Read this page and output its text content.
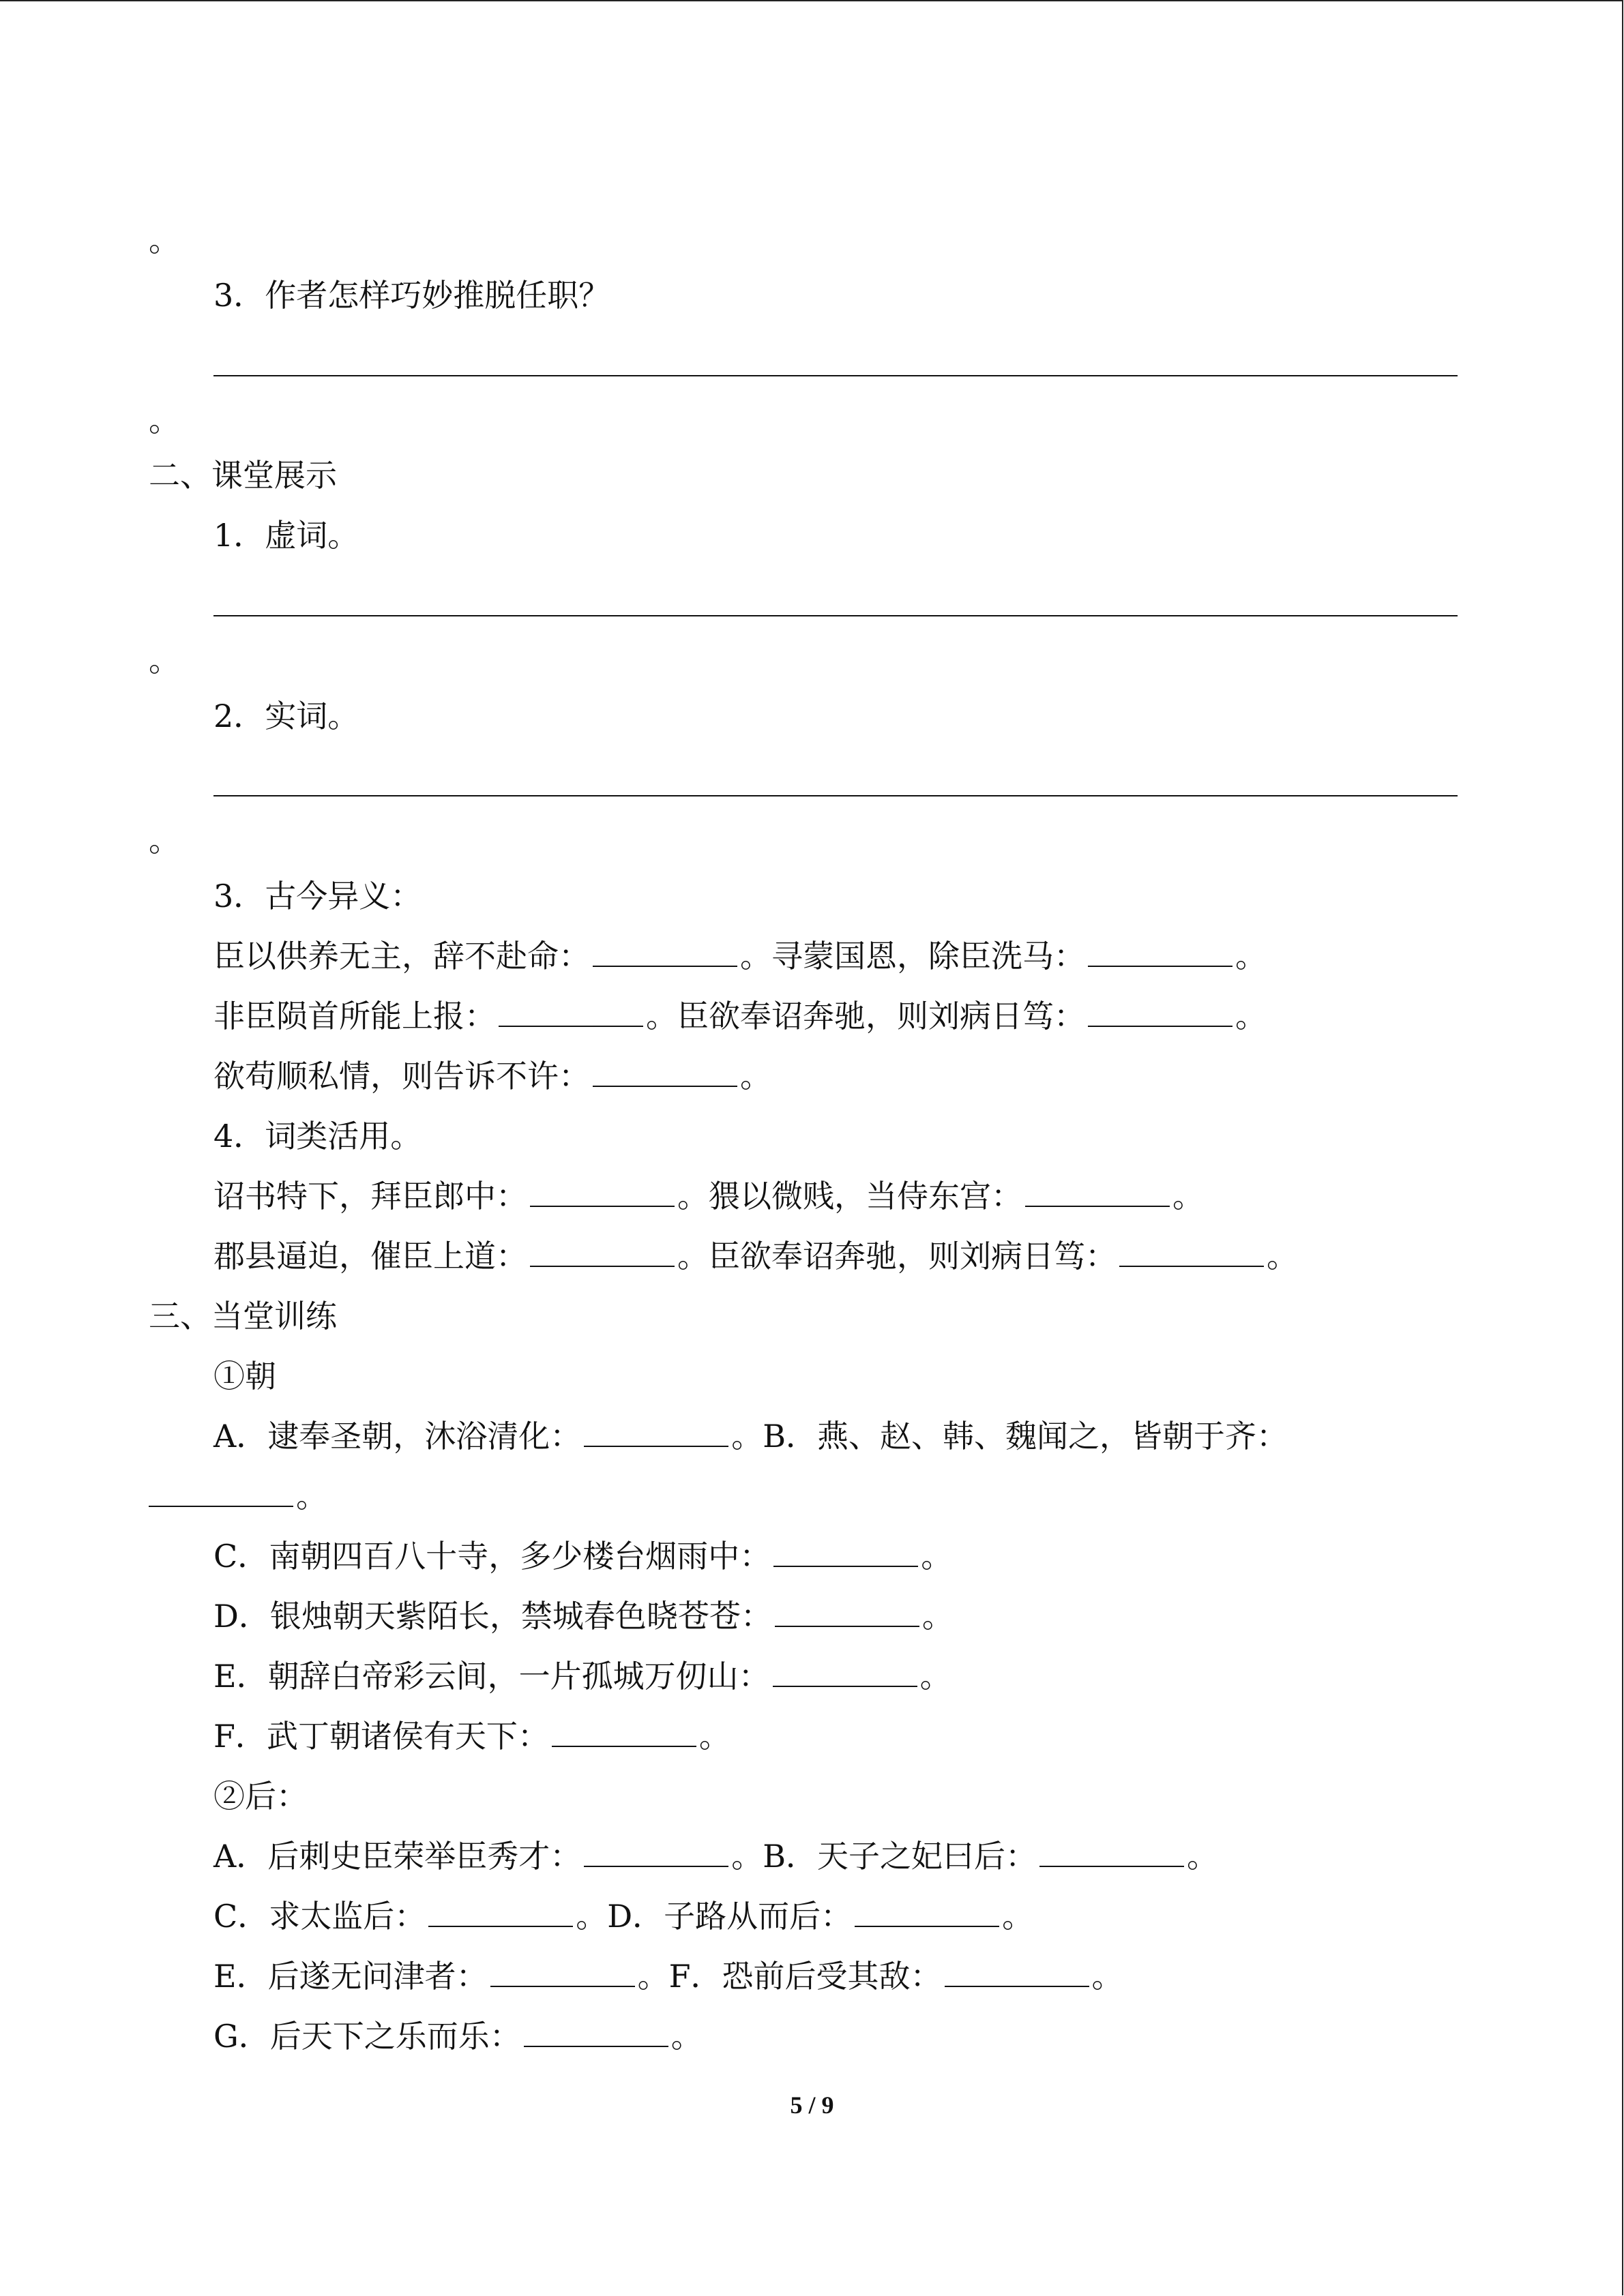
。
3．作者怎样巧妙推脱任职？
。
二、课堂展示
1．虚词。
。
2．实词。
。
3．古今异义：
臣以供养无主，辞不赴命：	。寻蒙国恩，除臣洗马：	。
非臣陨首所能上报：	。臣欲奉诏奔驰，则刘病日笃：	。
欲苟顺私情，则告诉不许：	。
4．词类活用。
诏书特下，拜臣郎中：	。猥以微贱，当侍东宫：	。
郡县逼迫，催臣上道：	。臣欲奉诏奔驰，则刘病日笃：	。
三、当堂训练
①朝
A．逮奉圣朝，沐浴清化：	。B．燕、赵、韩、魏闻之，皆朝于齐：
。
C．南朝四百八十寺，多少楼台烟雨中：	。
D．银烛朝天紫陌长，禁城春色晓苍苍：	。
E．朝辞白帝彩云间，一片孤城万仞山：	。
F．武丁朝诸侯有天下：	。
②后：
A．后刺史臣荣举臣秀才：	。B．天子之妃曰后：	。
C．求太监后：	。D．子路从而后：	。
E．后遂无问津者：	。F．恐前后受其敌：	。
G．后天下之乐而乐：	。
5 / 9
